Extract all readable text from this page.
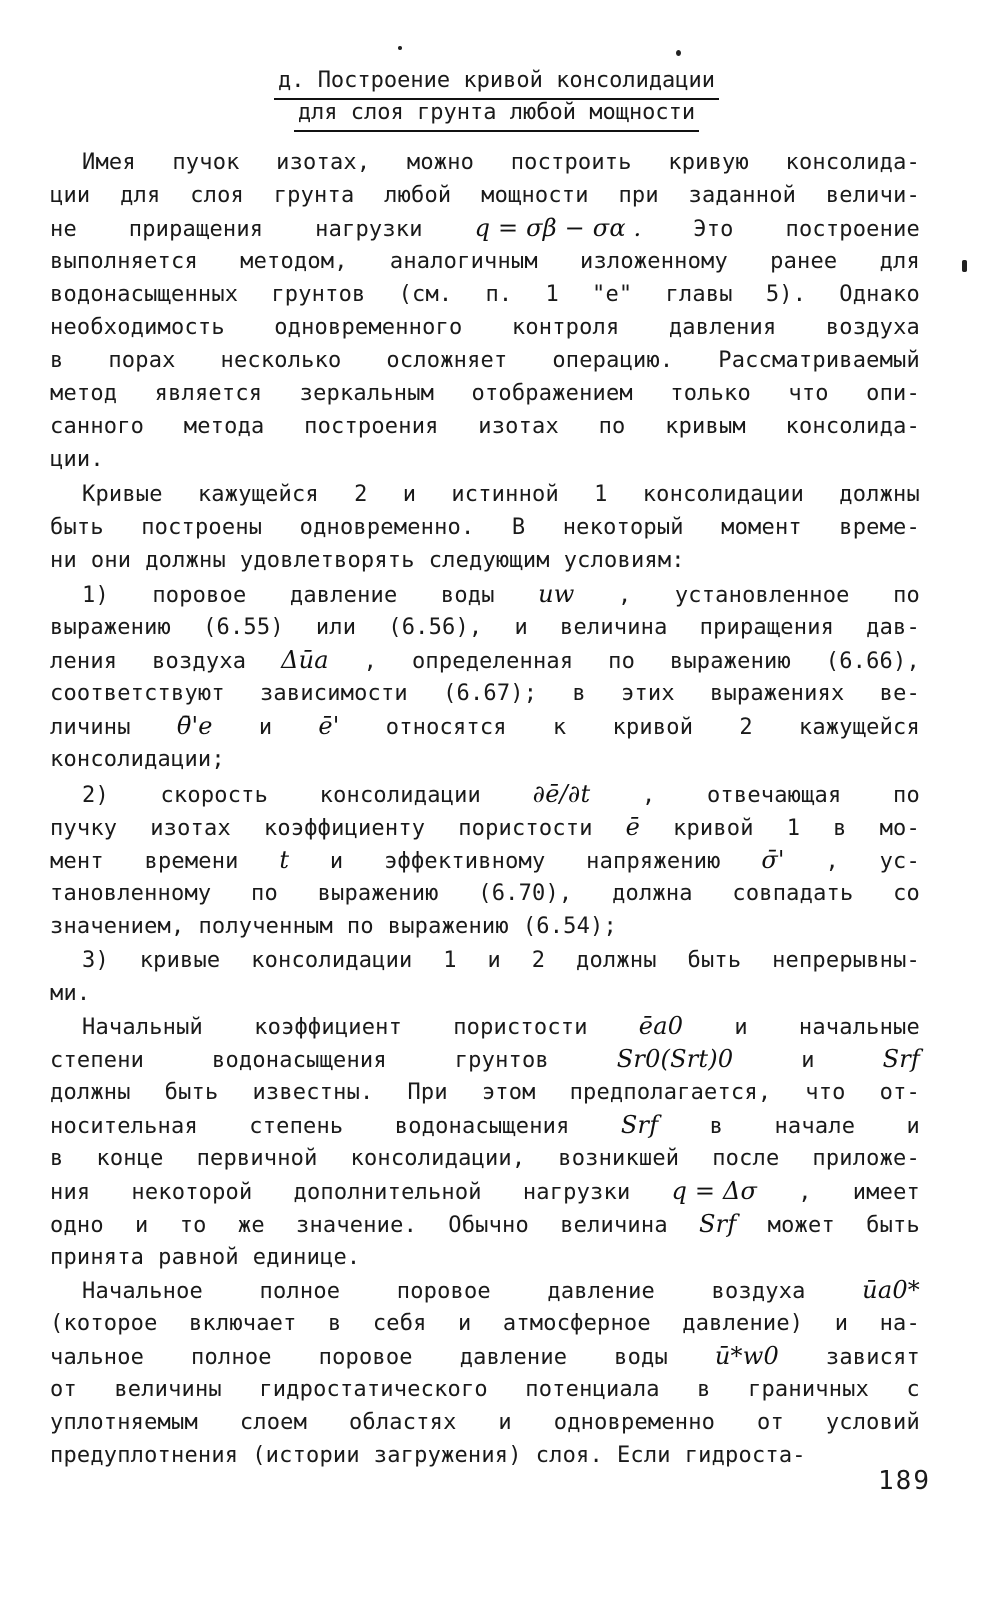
д. Построение кривой консолидации
для слоя грунта любой мощности
Имея пучок изотах, можно построить кривую консолида-
ции для слоя грунта любой мощности при заданной величи-
не приращения нагрузки q = σβ − σα . Это построение
выполняется методом, аналогичным изложенному ранее для
водонасыщенных грунтов (см. п. 1 "е" главы 5). Однако
необходимость одновременного контроля давления воздуха
в порах несколько осложняет операцию. Рассматриваемый
метод является зеркальным отображением только что опи-
санного метода построения изотах по кривым консолида-
ции.
Кривые кажущейся 2 и истинной 1 консолидации должны
быть построены одновременно. В некоторый момент време-
ни они должны удовлетворять следующим условиям:
1) поровое давление воды uw , установленное по
выражению (6.55) или (6.56), и величина приращения дав-
ления воздуха Δūa , определенная по выражению (6.66),
соответствуют зависимости (6.67); в этих выражениях ве-
личины θ̄'e и ē' относятся к кривой 2 кажущейся
консолидации;
2) скорость консолидации ∂ē/∂t , отвечающая по
пучку изотах коэффициенту пористости ē кривой 1 в мо-
мент времени t и эффективному напряжению σ̄' , ус-
тановленному по выражению (6.70), должна совпадать со
значением, полученным по выражению (6.54);
3) кривые консолидации 1 и 2 должны быть непрерывны-
ми.
Начальный коэффициент пористости ēa0 и начальные
степени	водонасыщения	грунтов	Sr0(Srt)0	и	Srf
должны быть известны. При этом предполагается, что от-
носительная степень водонасыщения Srf в начале и
в конце первичной консолидации, возникшей после приложе-
ния некоторой дополнительной нагрузки q = Δσ , имеет
одно и то же значение. Обычно величина Srf может быть
принята равной единице.
Начальное	полное	поровое	давление	воздуха ūa0*
(которое включает в себя и атмосферное давление) и на-
чальное полное поровое давление воды ū*w0 зависят
от величины гидростатического потенциала в граничных с
уплотняемым слоем областях и одновременно от условий
предуплотнения (истории загружения) слоя. Если гидроста-
189
